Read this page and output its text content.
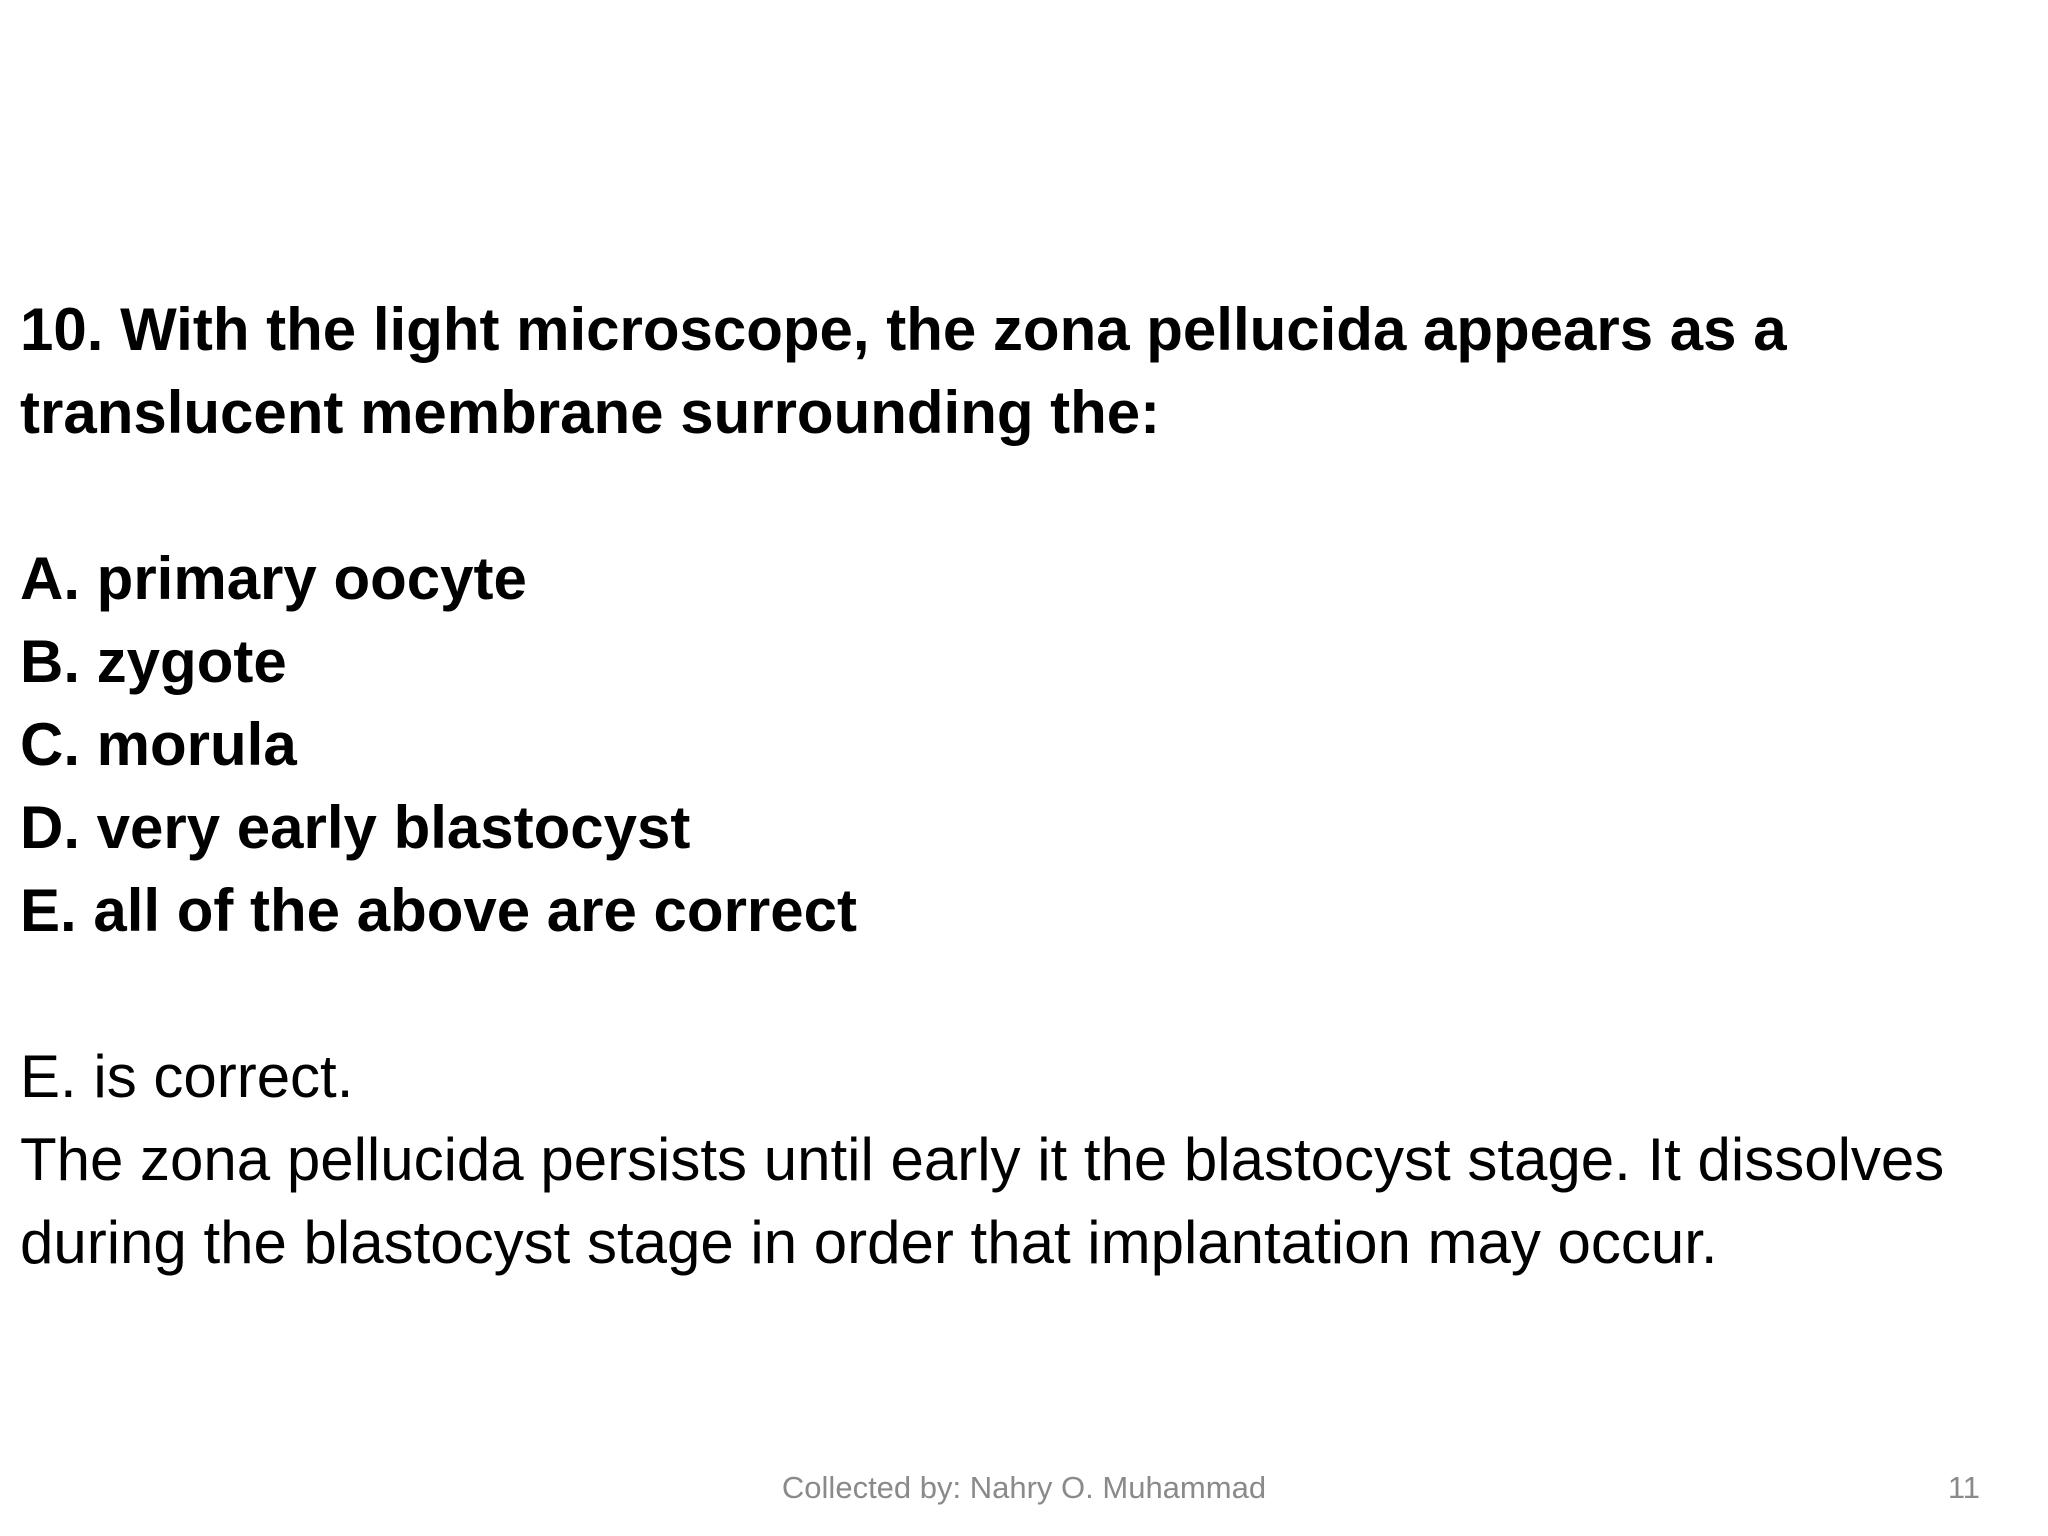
10. With the light microscope, the zona pellucida appears as a translucent membrane surrounding the:

A. primary oocyte

B. zygote

C. morula

D. very early blastocyst

E. all of the above are correct

E. is correct.

The zona pellucida persists until early it the blastocyst stage. It dissolves during the blastocyst stage in order that implantation may occur.

Collected by: Nahry O. Muhammad	11
